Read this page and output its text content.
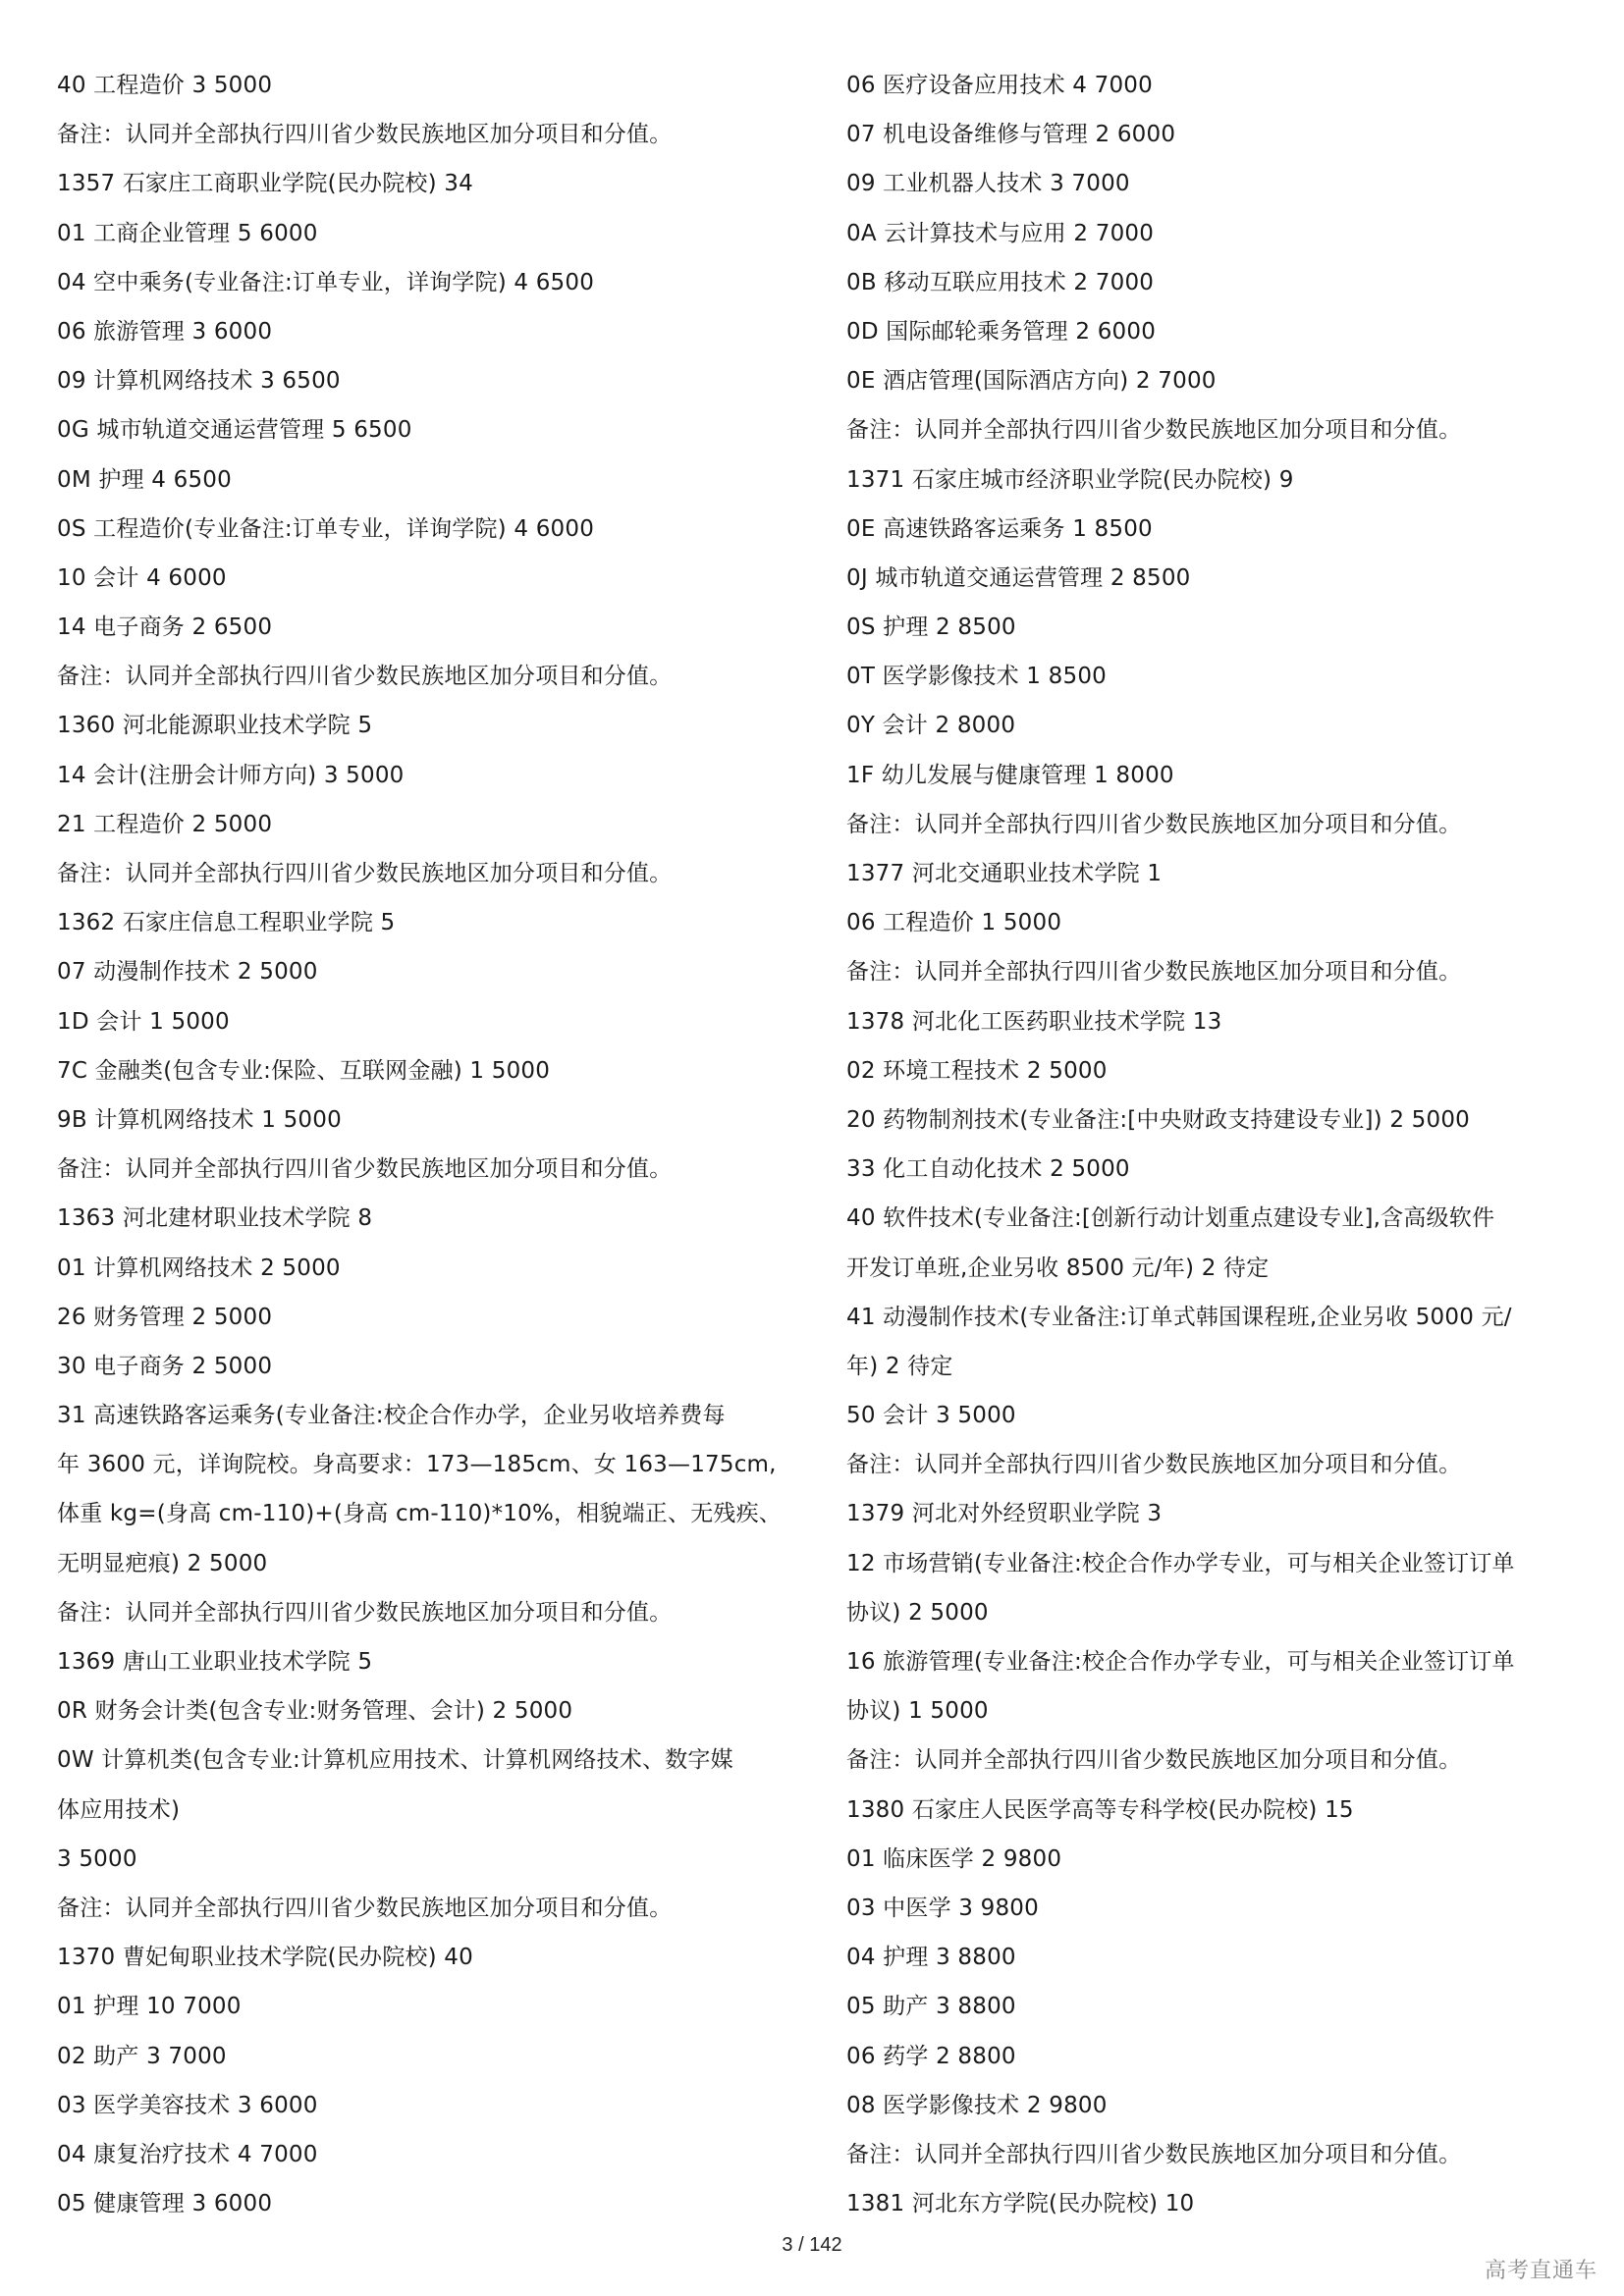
40 工程造价 3 5000
备注：认同并全部执行四川省少数民族地区加分项目和分值。
1357 石家庄工商职业学院(民办院校) 34
01 工商企业管理 5 6000
04 空中乘务(专业备注:订单专业，详询学院) 4 6500
06 旅游管理 3 6000
09 计算机网络技术 3 6500
0G 城市轨道交通运营管理 5 6500
0M 护理 4 6500
0S 工程造价(专业备注:订单专业，详询学院) 4 6000
10 会计 4 6000
14 电子商务 2 6500
备注：认同并全部执行四川省少数民族地区加分项目和分值。
1360 河北能源职业技术学院 5
14 会计(注册会计师方向) 3 5000
21 工程造价 2 5000
备注：认同并全部执行四川省少数民族地区加分项目和分值。
1362 石家庄信息工程职业学院 5
07 动漫制作技术 2 5000
1D 会计 1 5000
7C 金融类(包含专业:保险、互联网金融) 1 5000
9B 计算机网络技术 1 5000
备注：认同并全部执行四川省少数民族地区加分项目和分值。
1363 河北建材职业技术学院 8
01 计算机网络技术 2 5000
26 财务管理 2 5000
30 电子商务 2 5000
31 高速铁路客运乘务(专业备注:校企合作办学，企业另收培养费每
年 3600 元，详询院校。身高要求：173—185cm、女 163—175cm,
体重 kg=(身高 cm-110)+(身高 cm-110)*10%，相貌端正、无残疾、
无明显疤痕) 2 5000
备注：认同并全部执行四川省少数民族地区加分项目和分值。
1369 唐山工业职业技术学院 5
0R 财务会计类(包含专业:财务管理、会计) 2 5000
0W 计算机类(包含专业:计算机应用技术、计算机网络技术、数字媒
体应用技术)
3 5000
备注：认同并全部执行四川省少数民族地区加分项目和分值。
1370 曹妃甸职业技术学院(民办院校) 40
01 护理 10 7000
02 助产 3 7000
03 医学美容技术 3 6000
04 康复治疗技术 4 7000
05 健康管理 3 6000
06 医疗设备应用技术 4 7000
07 机电设备维修与管理 2 6000
09 工业机器人技术 3 7000
0A 云计算技术与应用 2 7000
0B 移动互联应用技术 2 7000
0D 国际邮轮乘务管理 2 6000
0E 酒店管理(国际酒店方向) 2 7000
备注：认同并全部执行四川省少数民族地区加分项目和分值。
1371 石家庄城市经济职业学院(民办院校) 9
0E 高速铁路客运乘务 1 8500
0J 城市轨道交通运营管理 2 8500
0S 护理 2 8500
0T 医学影像技术 1 8500
0Y 会计 2 8000
1F 幼儿发展与健康管理 1 8000
备注：认同并全部执行四川省少数民族地区加分项目和分值。
1377 河北交通职业技术学院 1
06 工程造价 1 5000
备注：认同并全部执行四川省少数民族地区加分项目和分值。
1378 河北化工医药职业技术学院 13
02 环境工程技术 2 5000
20 药物制剂技术(专业备注:[中央财政支持建设专业]) 2 5000
33 化工自动化技术 2 5000
40 软件技术(专业备注:[创新行动计划重点建设专业],含高级软件
开发订单班,企业另收 8500 元/年) 2 待定
41 动漫制作技术(专业备注:订单式韩国课程班,企业另收 5000 元/
年) 2 待定
50 会计 3 5000
备注：认同并全部执行四川省少数民族地区加分项目和分值。
1379 河北对外经贸职业学院 3
12 市场营销(专业备注:校企合作办学专业，可与相关企业签订订单
协议) 2 5000
16 旅游管理(专业备注:校企合作办学专业，可与相关企业签订订单
协议) 1 5000
备注：认同并全部执行四川省少数民族地区加分项目和分值。
1380 石家庄人民医学高等专科学校(民办院校) 15
01 临床医学 2 9800
03 中医学 3 9800
04 护理 3 8800
05 助产 3 8800
06 药学 2 8800
08 医学影像技术 2 9800
备注：认同并全部执行四川省少数民族地区加分项目和分值。
1381 河北东方学院(民办院校) 10
3 / 142
高考直通车
